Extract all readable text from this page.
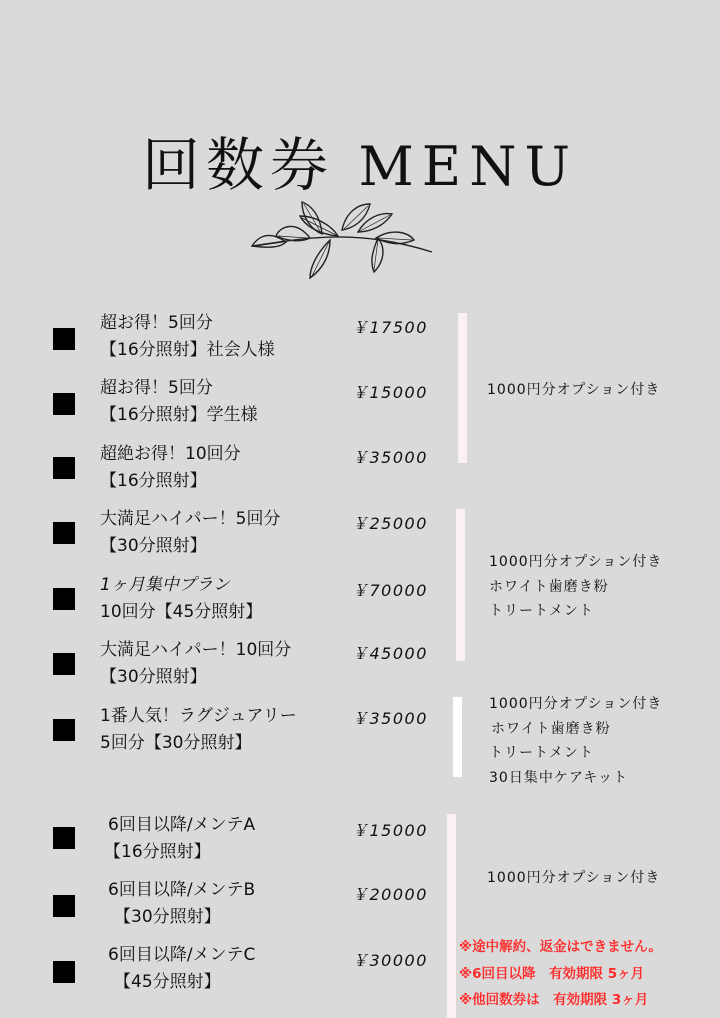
回数券 MENU
超お得！5回分
【16分照射】社会人様
￥17500
超お得！5回分
【16分照射】学生様
￥15000
超絶お得！10回分
【16分照射】
￥35000
大満足ハイパー！5回分
【30分照射】
￥25000
1ヶ月集中プラン
10回分【45分照射】
￥70000
大満足ハイパー！10回分
【30分照射】
￥45000
1番人気！ラグジュアリー
5回分【30分照射】
￥35000
6回目以降/メンテA
【16分照射】
￥15000
6回目以降/メンテB
【30分照射】
￥20000
6回目以降/メンテC
【45分照射】
￥30000
1000円分オプション付き
1000円分オプション付き
ホワイト歯磨き粉
トリートメント
1000円分オプション付き
ホワイト歯磨き粉
トリートメント
30日集中ケアキット
1000円分オプション付き
※途中解約、返金はできません。
※6回目以降　有効期限 5ヶ月
※他回数券は　有効期限 3ヶ月
